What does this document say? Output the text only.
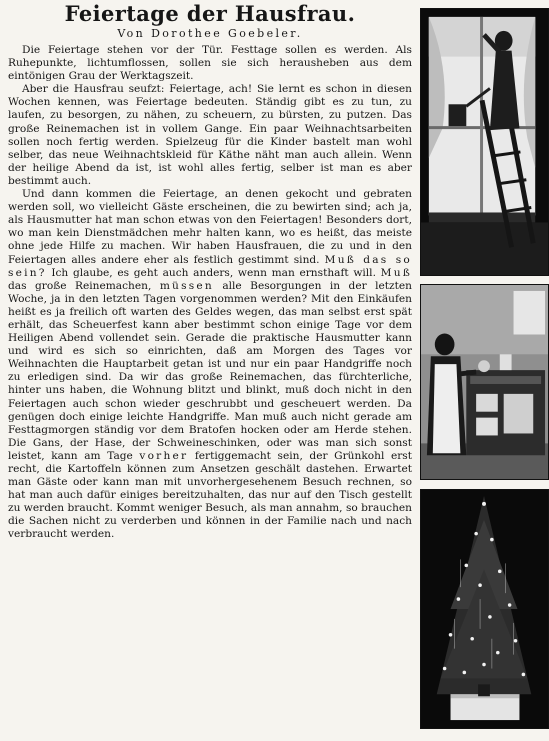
Feiertage der Hausfrau.
Von Dorothee Goebeler.

Die Feiertage stehen vor der Tür. Festtage sollen es werden. Als Ruhepunkte, lichtumflossen, sollen sie sich herausheben aus dem eintönigen Grau der Werktagszeit.

Aber die Hausfrau seufzt: Feiertage, ach! Sie lernt es schon in diesen Wochen kennen, was Feiertage bedeuten. Ständig gibt es zu tun, zu laufen, zu besorgen, zu nähen, zu scheuern, zu bürsten, zu putzen. Das große Reinemachen ist in vollem Gange. Ein paar Weihnachtsarbeiten sollen noch fertig werden. Spielzeug für die Kinder bastelt man wohl selber, das neue Weihnachtskleid für Käthe näht man auch allein. Wenn der heilige Abend da ist, ist wohl alles fertig, selber ist man es aber bestimmt auch.

Und dann kommen die Feiertage, an denen gekocht und gebraten werden soll, wo vielleicht Gäste erscheinen, die zu bewirten sind; ach ja, als Hausmutter hat man schon etwas von den Feiertagen! Besonders dort, wo man kein Dienstmädchen mehr halten kann, wo es heißt, das meiste ohne jede Hilfe zu machen. Wir haben Hausfrauen, die zu und in den Feiertagen alles andere eher als festlich gestimmt sind. Muß das so sein? Ich glaube, es geht auch anders, wenn man ernsthaft will. Muß das große Reinemachen, müssen alle Besorgungen in der letzten Woche, ja in den letzten Tagen vorgenommen werden? Mit den Einkäufen heißt es ja freilich oft warten des Geldes wegen, das man selbst erst spät erhält, das Scheuerfest kann aber bestimmt schon einige Tage vor dem Heiligen Abend vollendet sein. Gerade die praktische Hausmutter kann und wird es sich so einrichten, daß am Morgen des Tages vor Weihnachten die Hauptarbeit getan ist und nur ein paar Handgriffe noch zu erledigen sind. Da wir das große Reinemachen, das fürchterliche, hinter uns haben, die Wohnung blitzt und blinkt, muß doch nicht in den Feiertagen auch schon wieder geschrubbt und gescheuert werden. Da genügen doch einige leichte Handgriffe. Man muß auch nicht gerade am Festtagmorgen ständig vor dem Bratofen hocken oder am Herde stehen. Die Gans, der Hase, der Schweineschinken, oder was man sich sonst leistet, kann am Tage vorher fertiggemacht sein, der Grünkohl erst recht, die Kartoffeln können zum Ansetzen geschält dastehen. Erwartet man Gäste oder kann man mit unvorhergesehenem Besuch rechnen, so hat man auch dafür einiges bereitzuhalten, das nur auf den Tisch gestellt zu werden braucht. Kommt weniger Besuch, als man annahm, so brauchen die Sachen nicht zu verderben und können in der Familie nach und nach verbraucht werden.
